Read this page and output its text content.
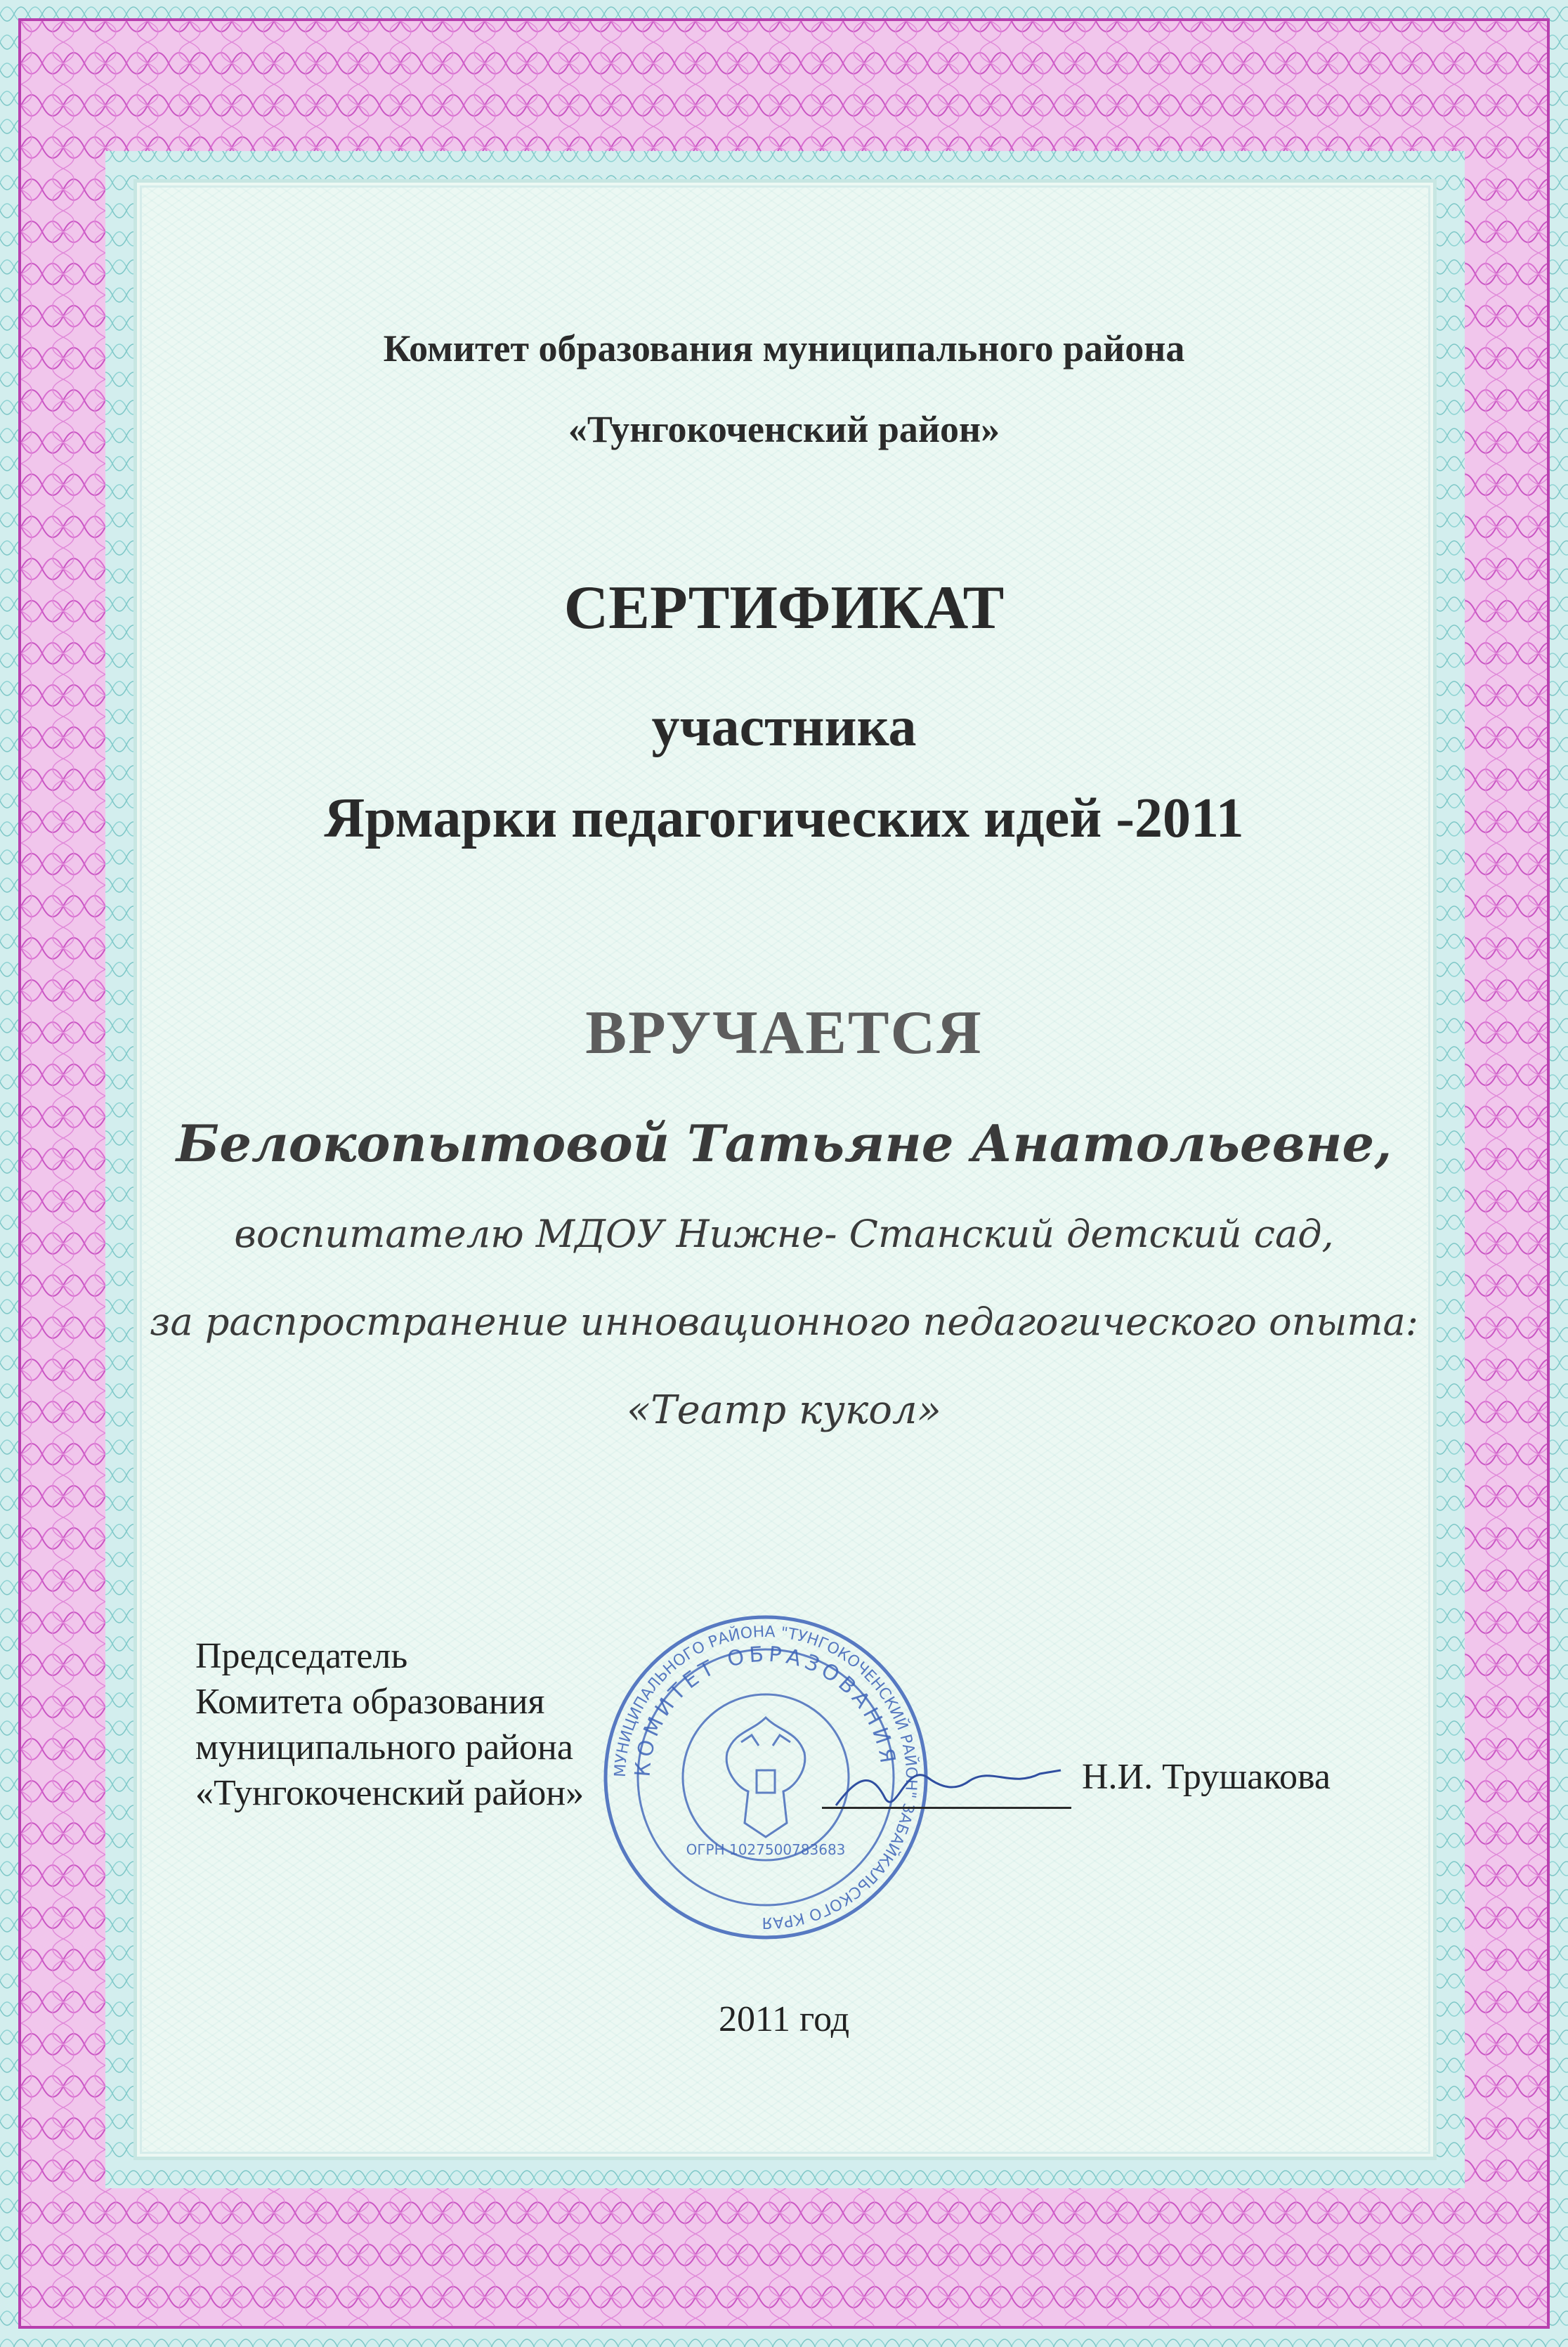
Комитет образования муниципального района
«Тунгокоченский район»
СЕРТИФИКАТ
участника
Ярмарки педагогических идей -2011
ВРУЧАЕТСЯ
Белокопытовой Татьяне Анатольевне,
воспитателю МДОУ Нижне- Станский детский сад,
за распространение инновационного педагогического опыта:
«Театр кукол»
МУНИЦИПАЛЬНОГО РАЙОНА "ТУНГОКОЧЕНСКИЙ РАЙОН" АБАЙКАЛЬСКОГО КРАЯ
КОМИТЕТ ОБРАЗОВАНИЯ
ОГРН 1027500783683
Председатель
Комитета образования
муниципального района
«Тунгокоченский район»	Н.И. Трушакова
2011 год
